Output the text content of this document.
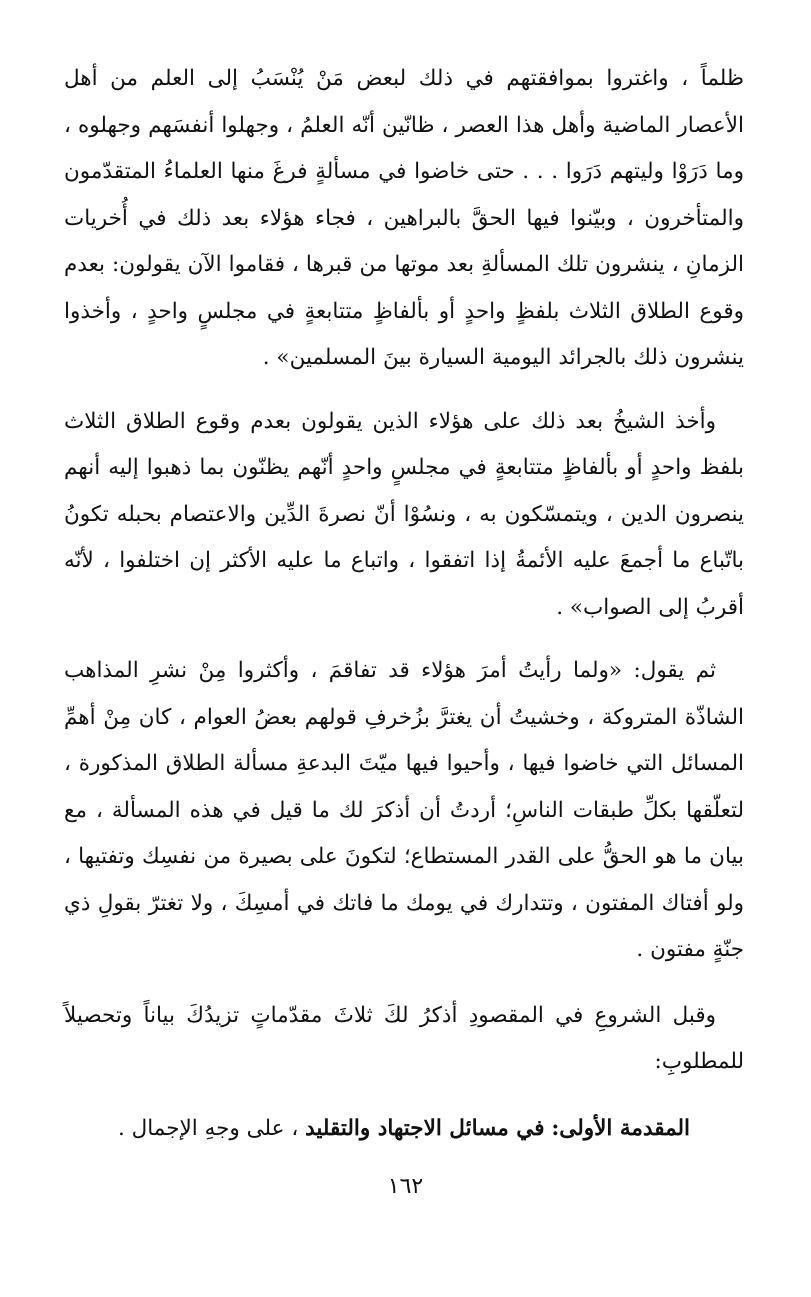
ظلماً ، واغتروا بموافقتهم في ذلك لبعض مَنْ يُنْسَبُ إلى العلم من أهل الأعصار الماضية وأهل هذا العصر ، ظانّين أنّه العلمُ ، وجهلوا أنفسَهم وجهلوه ، وما دَرَوْا وليتهم دَرَوا . . . حتى خاضوا في مسألةٍ فرغَ منها العلماءُ المتقدّمون والمتأخرون ، وبيّنوا فيها الحقَّ بالبراهين ، فجاء هؤلاء بعد ذلك في أُخريات الزمانِ ، ينشرون تلك المسألةِ بعد موتها من قبرها ، فقاموا الآن يقولون: بعدم وقوع الطلاق الثلاث بلفظٍ واحدٍ أو بألفاظٍ متتابعةٍ في مجلسٍ واحدٍ ، وأخذوا ينشرون ذلك بالجرائد اليومية السيارة بينَ المسلمين» .

وأخذ الشيخُ بعد ذلك على هؤلاء الذين يقولون بعدم وقوع الطلاق الثلاث بلفظ واحدٍ أو بألفاظٍ متتابعةٍ في مجلسٍ واحدٍ أنّهم يظنّون بما ذهبوا إليه أنهم ينصرون الدين ، ويتمسّكون به ، ونسُوْا أنّ نصرةَ الدِّين والاعتصام بحبله تكونُ باتّباع ما أجمعَ عليه الأئمةُ إذا اتفقوا ، واتباع ما عليه الأكثر إن اختلفوا ، لأنّه أقربُ إلى الصواب» .

ثم يقول: «ولما رأيتُ أمرَ هؤلاء قد تفاقمَ ، وأكثروا مِنْ نشرِ المذاهب الشاذّة المتروكة ، وخشيتُ أن يغترَّ بزُخرفِ قولهم بعضُ العوام ، كان مِنْ أهمِّ المسائل التي خاضوا فيها ، وأحيوا فيها ميّتَ البدعةِ مسألة الطلاق المذكورة ، لتعلّقها بكلِّ طبقات الناسِ؛ أردتُ أن أذكرَ لك ما قيل في هذه المسألة ، مع بيان ما هو الحقُّ على القدر المستطاع؛ لتكونَ على بصيرة من نفسِك وتفتيها ، ولو أفتاك المفتون ، وتتدارك في يومك ما فاتك في أمسِكَ ، ولا تغترّ بقولِ ذي جنّةٍ مفتون .

وقبل الشروعِ في المقصودِ أذكرُ لكَ ثلاثَ مقدّماتٍ تزيدُكَ بياناً وتحصيلاً للمطلوبِ:

المقدمة الأولى: في مسائل الاجتهاد والتقليد ، على وجهِ الإجمال .

١٦٢
